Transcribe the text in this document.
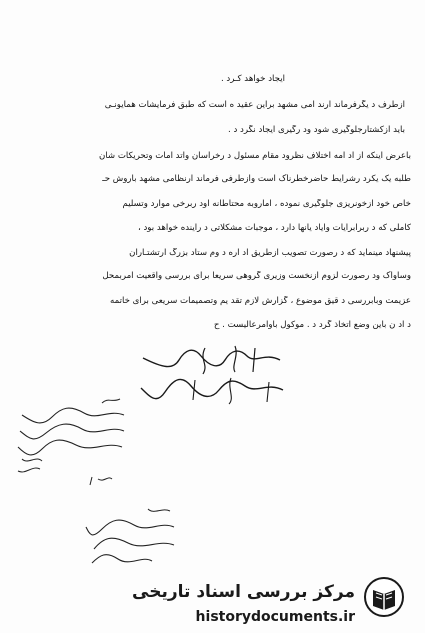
ایجاد خواهد کـرد .
ازطرف د یگرفرماند ارند امی مشهد براین عقید ه است که طبق فرمایشات همایونـی
باید ازکشتارجلوگیری شود ود رگیری ایجاد نگرد د .
باعرض اینکه از اد امه اختلاف نظرود مقام مسئول د رخراسان واتد امات وتحریکات شان
طلبه یک یکرد رشرایط حاضرخطرناک است وازطرفی فرماند ارنظامی مشهد باروش حـ
خاص خود ازخونریزی جلوگیری نموده ، اماروبه محتاطانه اود ربرخی موارد وتسلیم
کاملی که د ربرابرآیات وایاد یآنها دارد ، موجبات مشکلاتی د رآینده خواهد بود ،
پیشنهاد مینماید که د رصورت تصویب ازطریق اد اره د وم ستاد بزرگ ارتشتـاران
وساواک ود رصورت لزوم ازنخست وزیری گروهی سریعاً برای بررسی واقعیت امربمحل
عزیمت وبابررسی د قیق موضوع ، گزارش لازم تقد یم وتصمیمات سریعی برای خاتمه
د اد ن باین وضع اتخاذ گرد د . موکول باوامرعالیست . ح
مرکز بررسی اسناد تاریخی
historydocuments.ir
